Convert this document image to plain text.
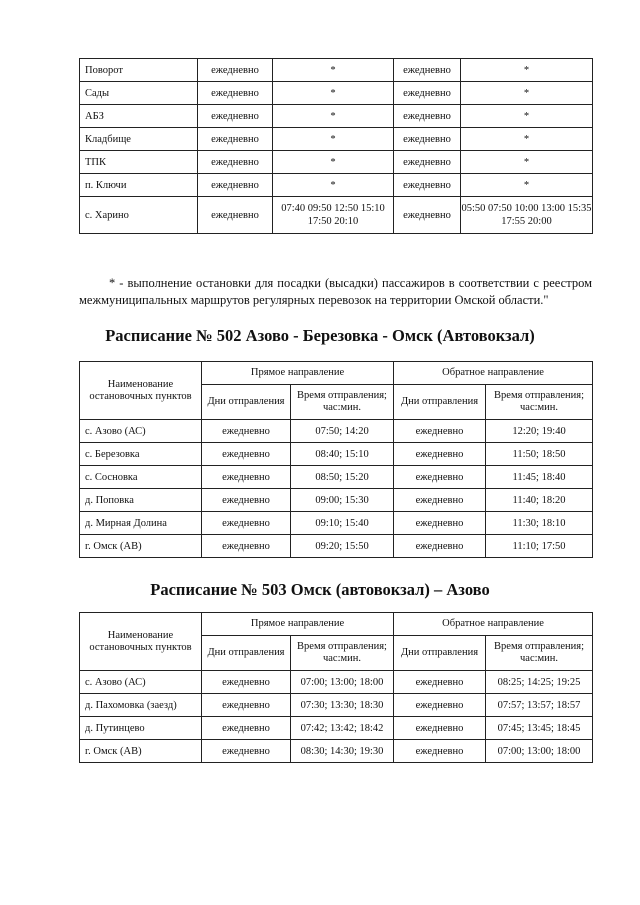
Поворот	ежедневно	*	ежедневно	*
Сады	ежедневно	*	ежедневно	*
АБЗ	ежедневно	*	ежедневно	*
Кладбище	ежедневно	*	ежедневно	*
ТПК	ежедневно	*	ежедневно	*
п. Ключи	ежедневно	*	ежедневно	*
с. Харино	ежедневно	07:40 09:50 12:50 15:10 17:50 20:10	ежедневно	05:50 07:50 10:00 13:00 15:35 17:55 20:00

* - выполнение остановки для посадки (высадки) пассажиров в соответствии с реестром межмуниципальных маршрутов регулярных перевозок на территории Омской области."

Расписание № 502 Азово - Березовка - Омск (Автовокзал)
Наименование остановочных пунктов	Прямое направление		Обратное направление	
	Дни отправления	Время отправления; час:мин.	Дни отправления	Время отправления; час:мин.
с. Азово (АС)	ежедневно	07:50; 14:20	ежедневно	12:20; 19:40
с. Березовка	ежедневно	08:40; 15:10	ежедневно	11:50; 18:50
с. Сосновка	ежедневно	08:50; 15:20	ежедневно	11:45; 18:40
д. Поповка	ежедневно	09:00; 15:30	ежедневно	11:40; 18:20
д. Мирная Долина	ежедневно	09:10; 15:40	ежедневно	11:30; 18:10
г. Омск (АВ)	ежедневно	09:20; 15:50	ежедневно	11:10; 17:50
Расписание № 503 Омск (автовокзал) – Азово
Наименование остановочных пунктов	Прямое направление		Обратное направление	
	Дни отправления	Время отправления; час:мин.	Дни отправления	Время отправления; час:мин.
с. Азово (АС)	ежедневно	07:00; 13:00; 18:00	ежедневно	08:25; 14:25; 19:25
д. Пахомовка (заезд)	ежедневно	07:30; 13:30; 18:30	ежедневно	07:57; 13:57; 18:57
д. Путинцево	ежедневно	07:42; 13:42; 18:42	ежедневно	07:45; 13:45; 18:45
г. Омск (АВ)	ежедневно	08:30; 14:30; 19:30	ежедневно	07:00; 13:00; 18:00
